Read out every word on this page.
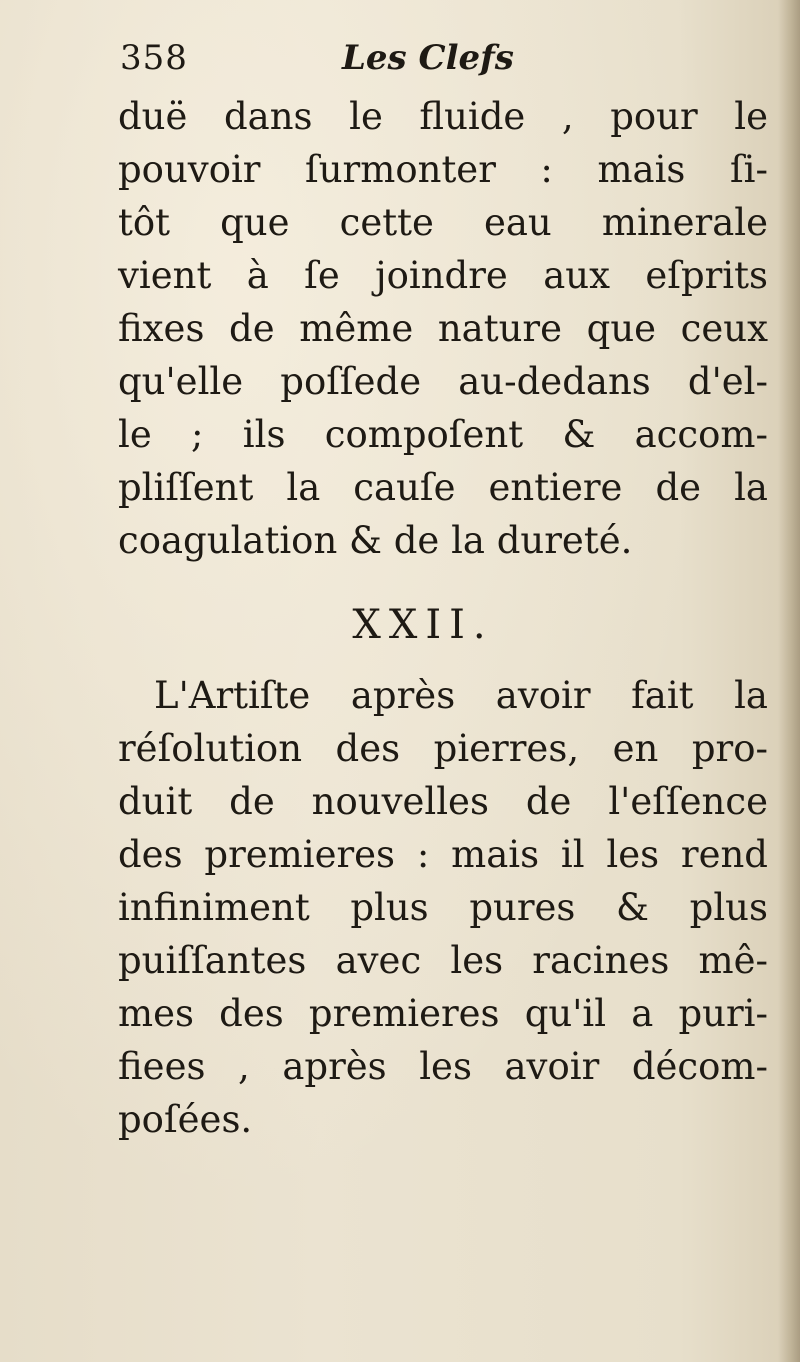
358	Les Clefs
duë dans le fluide , pour le
pouvoir ſurmonter : mais ſi-
tôt que cette eau minerale
vient à ſe joindre aux eſprits
fixes de même nature que ceux
qu'elle poſſede au-dedans d'el-
le ; ils compoſent & accom-
pliſſent la cauſe entiere de la
coagulation & de la dureté.
XXII.
L'Artiſte après avoir fait la
réſolution des pierres, en pro-
duit de nouvelles de l'eſſence
des premieres : mais il les rend
infiniment plus pures & plus
puiſſantes avec les racines mê-
mes des premieres qu'il a puri-
fiees , après les avoir décom-
poſées.
